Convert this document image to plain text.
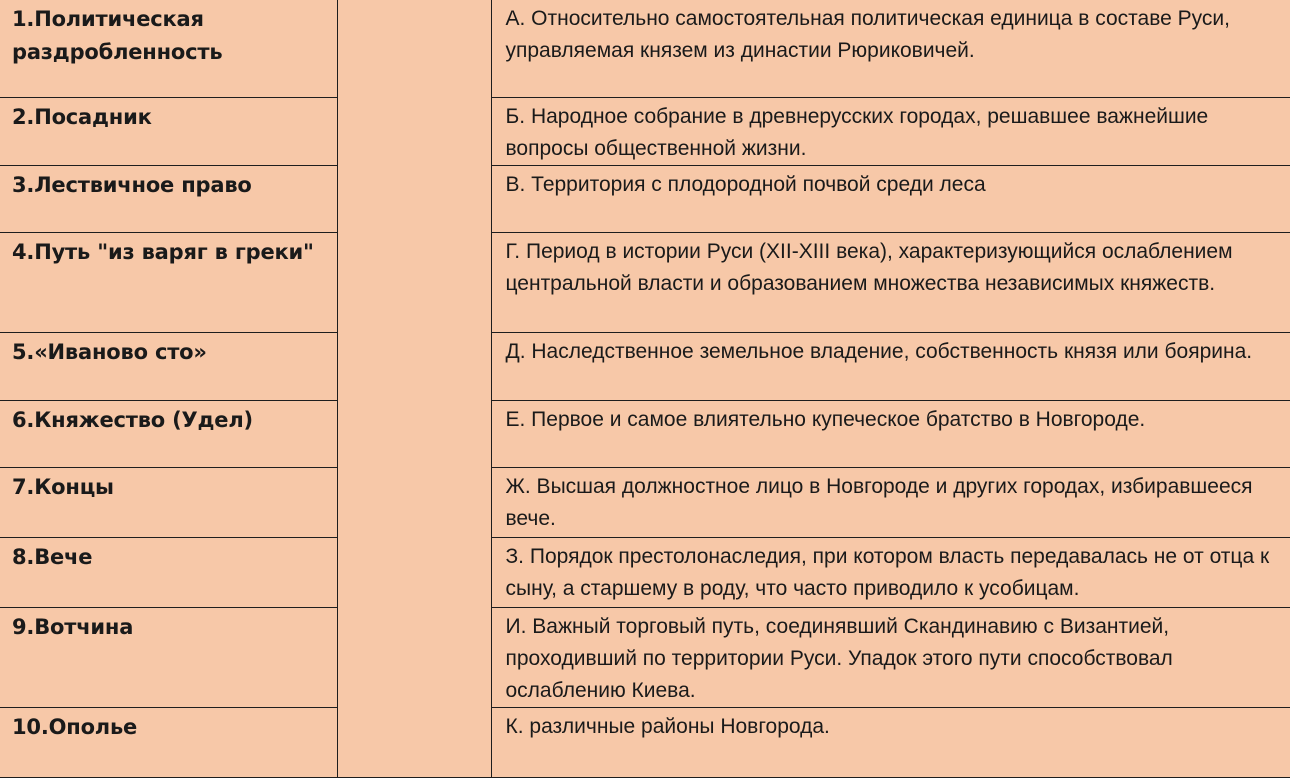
1.Политическая раздробленность		А. Относительно самостоятельная политическая единица в составе Руси, управляемая князем из династии Рюриковичей.
2.Посадник		Б. Народное собрание в древнерусских городах, решавшее важнейшие вопросы общественной жизни.
3.Лествичное право		В. Территория с плодородной почвой среди леса
4.Путь "из варяг в греки"		Г. Период в истории Руси (XII-XIII века), характеризующийся ослаблением центральной власти и образованием множества независимых княжеств.
5.«Иваново сто»		Д. Наследственное земельное владение, собственность князя или боярина.
6.Княжество (Удел)		Е. Первое и самое влиятельно купеческое братство в Новгороде.
7.Концы		Ж. Высшая должностное лицо в Новгороде и других городах, избиравшееся вече.
8.Вече		З. Порядок престолонаследия, при котором власть передавалась не от отца к сыну, а старшему в роду, что часто приводило к усобицам.
9.Вотчина		И. Важный торговый путь, соединявший Скандинавию с Византией, проходивший по территории Руси. Упадок этого пути способствовал ослаблению Киева.
10.Ополье		К. различные районы Новгорода.
